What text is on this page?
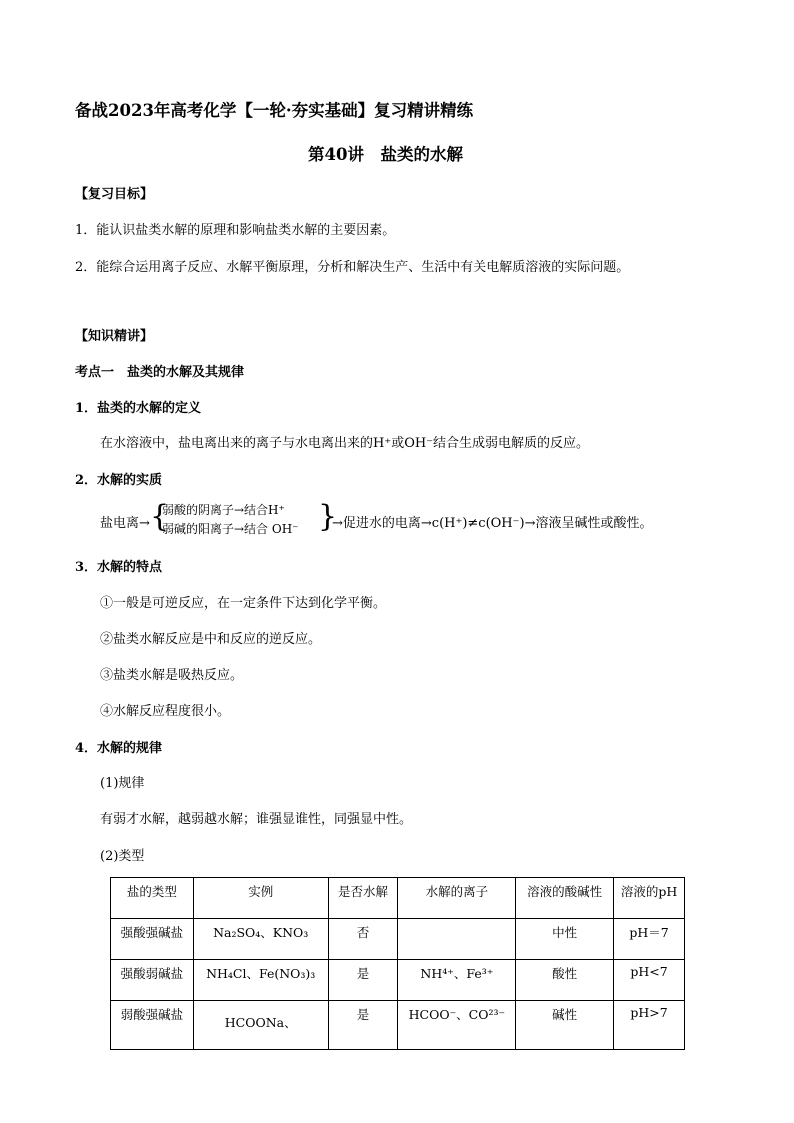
备战2023年高考化学【一轮·夯实基础】复习精讲精练
第40讲　盐类的水解
【复习目标】
1．能认识盐类水解的原理和影响盐类水解的主要因素。
2．能综合运用离子反应、水解平衡原理，分析和解决生产、生活中有关电解质溶液的实际问题。
【知识精讲】
考点一　盐类的水解及其规律
1．盐类的水解的定义
在水溶液中，盐电离出来的离子与水电离出来的H⁺或OH⁻结合生成弱电解质的反应。
2．水解的实质
盐电离→ {
弱酸的阴离子→结合H⁺
弱碱的阳离子→结合 OH⁻ }
→促进水的电离→c(H⁺)≠c(OH⁻)→溶液呈碱性或酸性。
3．水解的特点
①一般是可逆反应，在一定条件下达到化学平衡。
②盐类水解反应是中和反应的逆反应。
③盐类水解是吸热反应。
④水解反应程度很小。
4．水解的规律
(1)规律
有弱才水解，越弱越水解；谁强显谁性，同强显中性。
(2)类型
盐的类型	实例	是否水解	水解的离子	溶液的酸碱性	溶液的pH
强酸强碱盐	Na₂SO₄、KNO₃	否		中性	pH＝7
强酸弱碱盐	NH₄Cl、Fe(NO₃)₃	是	NH⁴⁺、Fe³⁺	酸性	pH<7
弱酸强碱盐	HCOONa、	是	HCOO⁻、CO²³⁻	碱性	pH>7
